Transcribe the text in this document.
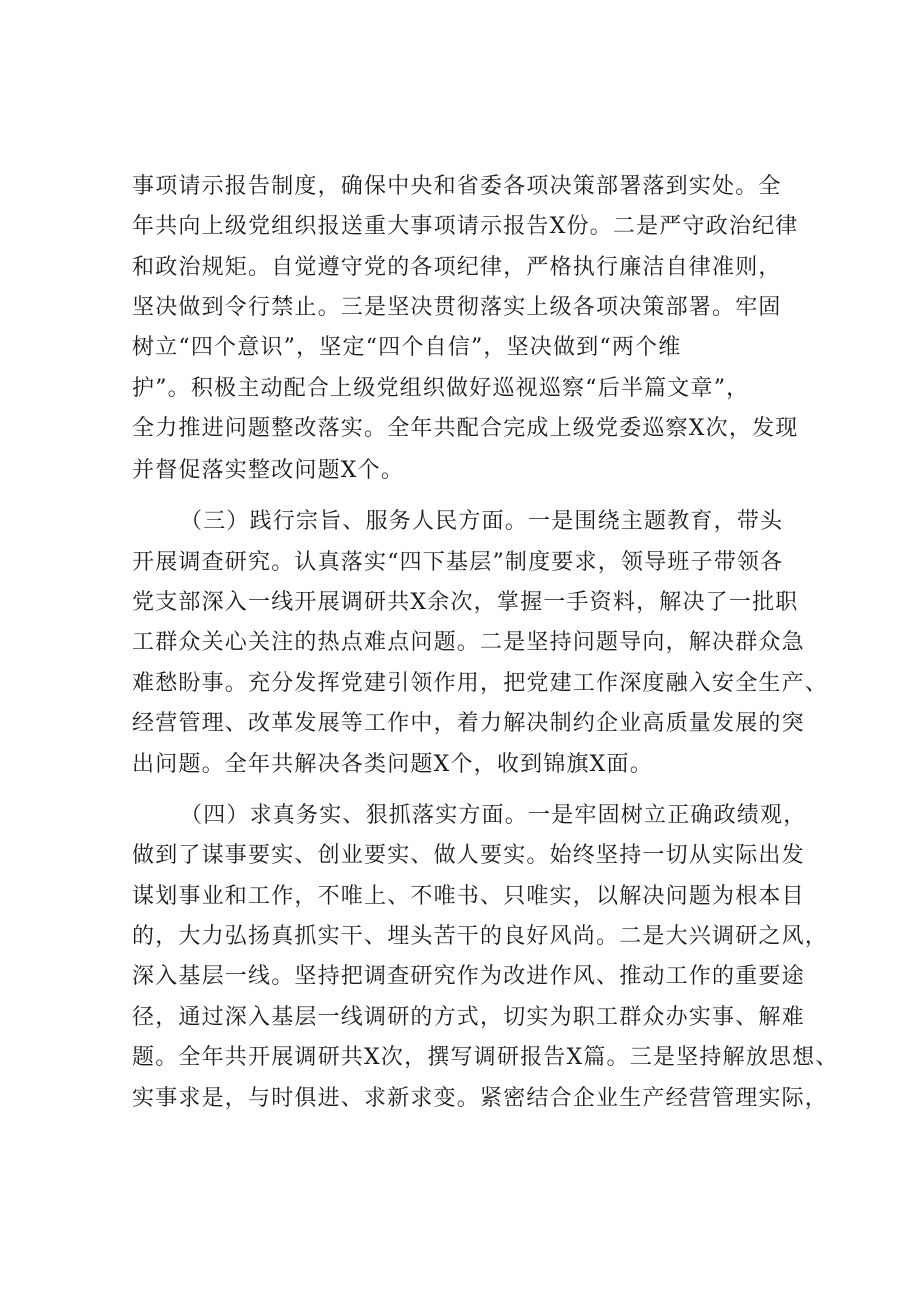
事项请示报告制度，确保中央和省委各项决策部署落到实处。全
年共向上级党组织报送重大事项请示报告X份。二是严守政治纪律
和政治规矩。自觉遵守党的各项纪律，严格执行廉洁自律准则，
坚决做到令行禁止。三是坚决贯彻落实上级各项决策部署。牢固
树立“四个意识”，坚定“四个自信”，坚决做到“两个维
护”。积极主动配合上级党组织做好巡视巡察“后半篇文章”，
全力推进问题整改落实。全年共配合完成上级党委巡察X次，发现
并督促落实整改问题X个。
（三）践行宗旨、服务人民方面。一是围绕主题教育，带头
开展调查研究。认真落实“四下基层”制度要求，领导班子带领各
党支部深入一线开展调研共X余次，掌握一手资料，解决了一批职
工群众关心关注的热点难点问题。二是坚持问题导向，解决群众急
难愁盼事。充分发挥党建引领作用，把党建工作深度融入安全生产、
经营管理、改革发展等工作中，着力解决制约企业高质量发展的突
出问题。全年共解决各类问题X个，收到锦旗X面。
（四）求真务实、狠抓落实方面。一是牢固树立正确政绩观，
做到了谋事要实、创业要实、做人要实。始终坚持一切从实际出发
谋划事业和工作，不唯上、不唯书、只唯实，以解决问题为根本目
的，大力弘扬真抓实干、埋头苦干的良好风尚。二是大兴调研之风，
深入基层一线。坚持把调查研究作为改进作风、推动工作的重要途
径，通过深入基层一线调研的方式，切实为职工群众办实事、解难
题。全年共开展调研共X次，撰写调研报告X篇。三是坚持解放思想、
实事求是，与时俱进、求新求变。紧密结合企业生产经营管理实际，
